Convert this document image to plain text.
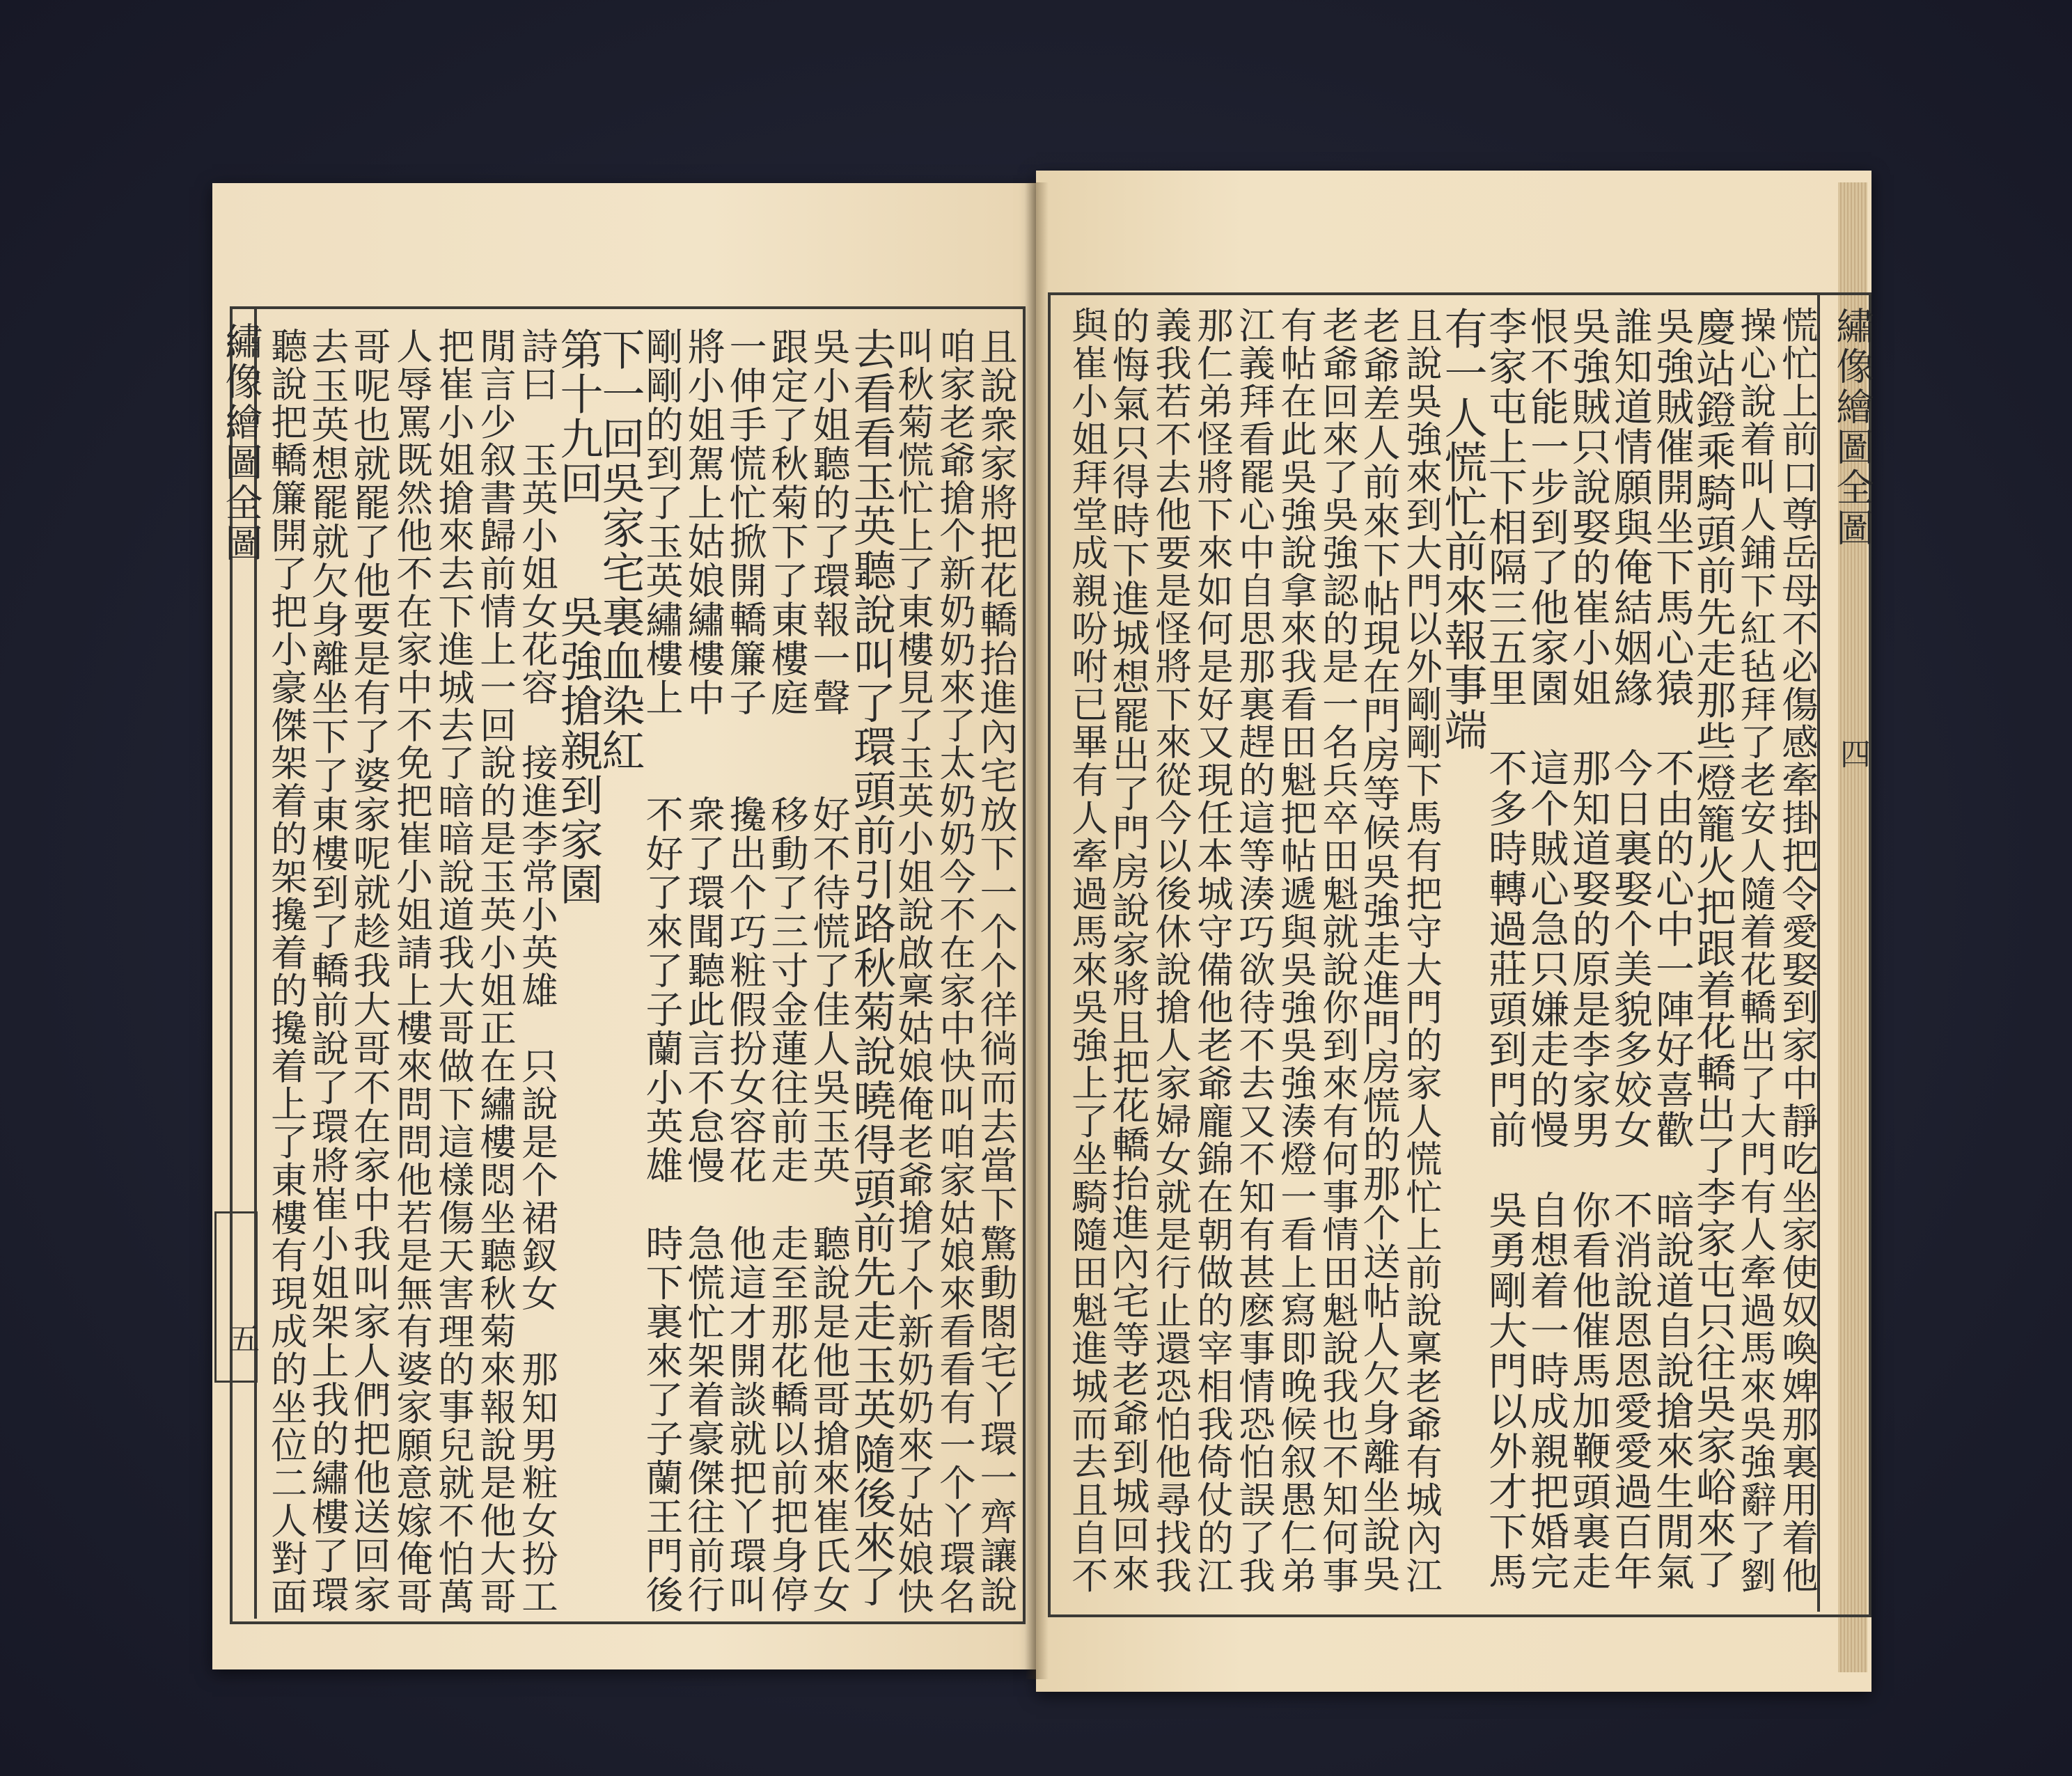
繡像繪圖全圖
五	且說衆家將把花轎抬進內宅放下一个个徉徜而去當下驚動閤宅丫環一齊讓說
咱家老爺搶个新奶奶來了太奶奶今不在家中快叫咱家姑娘來看看有一个丫環名
叫秋菊慌忙上了東樓見了玉英小姐說啟稟姑娘俺老爺搶了个新奶奶來了姑娘快
去看看玉英聽說叫了環頭前引路秋菊說曉得頭前先走玉英隨後來了
吳小姐聽的了環報一聲　　好不待慌了佳人吳玉英　聽說是他哥搶來崔氏女
跟定了秋菊下了東樓庭　　移動了三寸金蓮往前走　走至那花轎以前把身停
一伸手慌忙掀開轎簾子　　攙出个巧粧假扮女容花　他這才開談就把丫環叫
將小姐駕上姑娘繡樓中　　衆了環聞聽此言不怠慢　急慌忙架着豪傑往前行
剛剛的到了玉英繡樓上　　不好了來了子蘭小英雄　時下裏來了子蘭王門後
下一回吳家宅裏血染紅
第十九回　　吳強搶親到家園
詩曰　玉英小姐女花容　接進李常小英雄　只說是个裙釵女　那知男粧女扮工
閒言少叙書歸前情上一回說的是玉英小姐正在繡樓悶坐聽秋菊來報說是他大哥
把崔小姐搶來去下進城去了暗暗說道我大哥做下這樣傷天害理的事兒就不怕萬
人辱罵既然他不在家中不免把崔小姐請上樓來問問他若是無有婆家願意嫁俺哥
哥呢也就罷了他要是有了婆家呢就趁我大哥不在家中我叫家人們把他送回家
去玉英想罷就欠身離坐下了東樓到了轎前說了環將崔小姐架上我的繡樓了環
聽說把轎簾開了把小豪傑架着的架攙着的攙着上了東樓有現成的坐位二人對面	繡像繪圖全圖
四
慌忙上前口尊岳母不必傷感牽掛把令愛娶到家中靜吃坐家使奴喚婢那裏用着他
操心說着叫人鋪下紅毡拜了老安人隨着花轎出了大門有人牽過馬來吳強辭了劉
慶站鐙乘騎頭前先走那些燈籠火把跟着花轎出了李家屯只往吳家峪來了
吳強賊催開坐下馬心猿　不由的心中一陣好喜歡　暗說道自說搶來生閒氣
誰知道情願與俺結姻緣　今日裏娶个美貌多姣女　不消說恩恩愛愛過百年
吳強賊只說娶的崔小姐　那知道娶的原是李家男　你看他催馬加鞭頭裏走
恨不能一步到了他家園　這个賊心急只嫌走的慢　自想着一時成親把婚完
李家屯上下相隔三五里　不多時轉過莊頭到門前　吳勇剛大門以外才下馬
有一人慌忙前來報事端
且說吳強來到大門以外剛剛下馬有把守大門的家人慌忙上前說稟老爺有城內江
老爺差人前來下帖現在門房等候吳強走進門房慌的那个送帖人欠身離坐說吳
老爺回來了吳強認的是一名兵卒田魁就說你到來有何事情田魁說我也不知何事
有帖在此吳強說拿來我看田魁把帖遞與吳強吳強湊燈一看上寫即晚候叙愚仁弟
江義拜看罷心中自思那裏趕的這等湊巧欲待不去又不知有甚麽事情恐怕誤了我
那仁弟怪將下來如何是好又現任本城守備他老爺龐錦在朝做的宰相我倚仗的江
義我若不去他要是怪將下來從今以後休說搶人家婦女就是行止還恐怕他尋找我
的悔氣只得時下進城想罷出了門房說家將且把花轎抬進內宅等老爺到城回來
與崔小姐拜堂成親吩咐已畢有人牽過馬來吳強上了坐騎隨田魁進城而去且自不
